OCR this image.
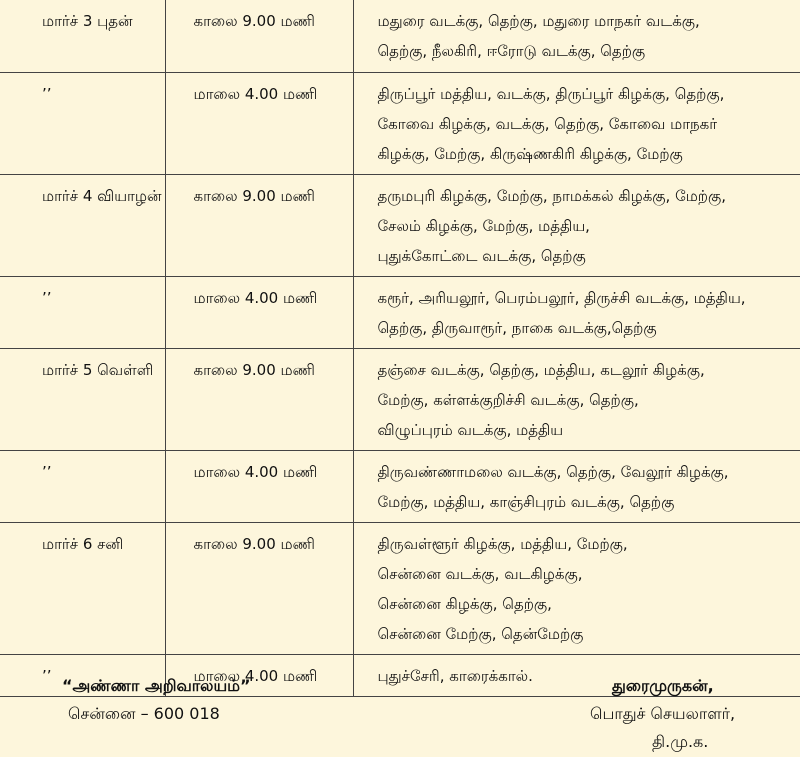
மார்ச் 3 புதன்	காலை 9.00 மணி	மதுரை வடக்கு, தெற்கு, மதுரை மாநகர் வடக்கு,
தெற்கு, நீலகிரி, ஈரோடு வடக்கு, தெற்கு

’’	மாலை 4.00 மணி	திருப்பூர் மத்திய, வடக்கு, திருப்பூர் கிழக்கு, தெற்கு,
கோவை கிழக்கு, வடக்கு, தெற்கு, கோவை மாநகர்
கிழக்கு, மேற்கு, கிருஷ்ணகிரி கிழக்கு, மேற்கு

மார்ச் 4 வியாழன்	காலை 9.00 மணி	தருமபுரி கிழக்கு, மேற்கு, நாமக்கல் கிழக்கு, மேற்கு,
சேலம் கிழக்கு, மேற்கு, மத்திய,
புதுக்கோட்டை வடக்கு, தெற்கு

’’	மாலை 4.00 மணி	கரூர், அரியலூர், பெரம்பலூர், திருச்சி வடக்கு, மத்திய,
தெற்கு, திருவாரூர், நாகை வடக்கு,தெற்கு

மார்ச் 5 வெள்ளி	காலை 9.00 மணி	தஞ்சை வடக்கு, தெற்கு, மத்திய, கடலூர் கிழக்கு,
மேற்கு, கள்ளக்குறிச்சி வடக்கு, தெற்கு,
விழுப்புரம் வடக்கு, மத்திய

’’	மாலை 4.00 மணி	திருவண்ணாமலை வடக்கு, தெற்கு, வேலூர் கிழக்கு,
மேற்கு, மத்திய, காஞ்சிபுரம் வடக்கு, தெற்கு

மார்ச் 6 சனி	காலை 9.00 மணி	திருவள்ளூர் கிழக்கு, மத்திய, மேற்கு,
சென்னை வடக்கு, வடகிழக்கு,
சென்னை கிழக்கு, தெற்கு,
சென்னை மேற்கு, தென்மேற்கு

’’	மாலை 4.00 மணி	புதுச்சேரி, காரைக்கால்.
“அண்ணா அறிவாலயம்”
சென்னை – 600 018
துரைமுருகன்,
பொதுச் செயலாளர்,
தி.மு.க.
